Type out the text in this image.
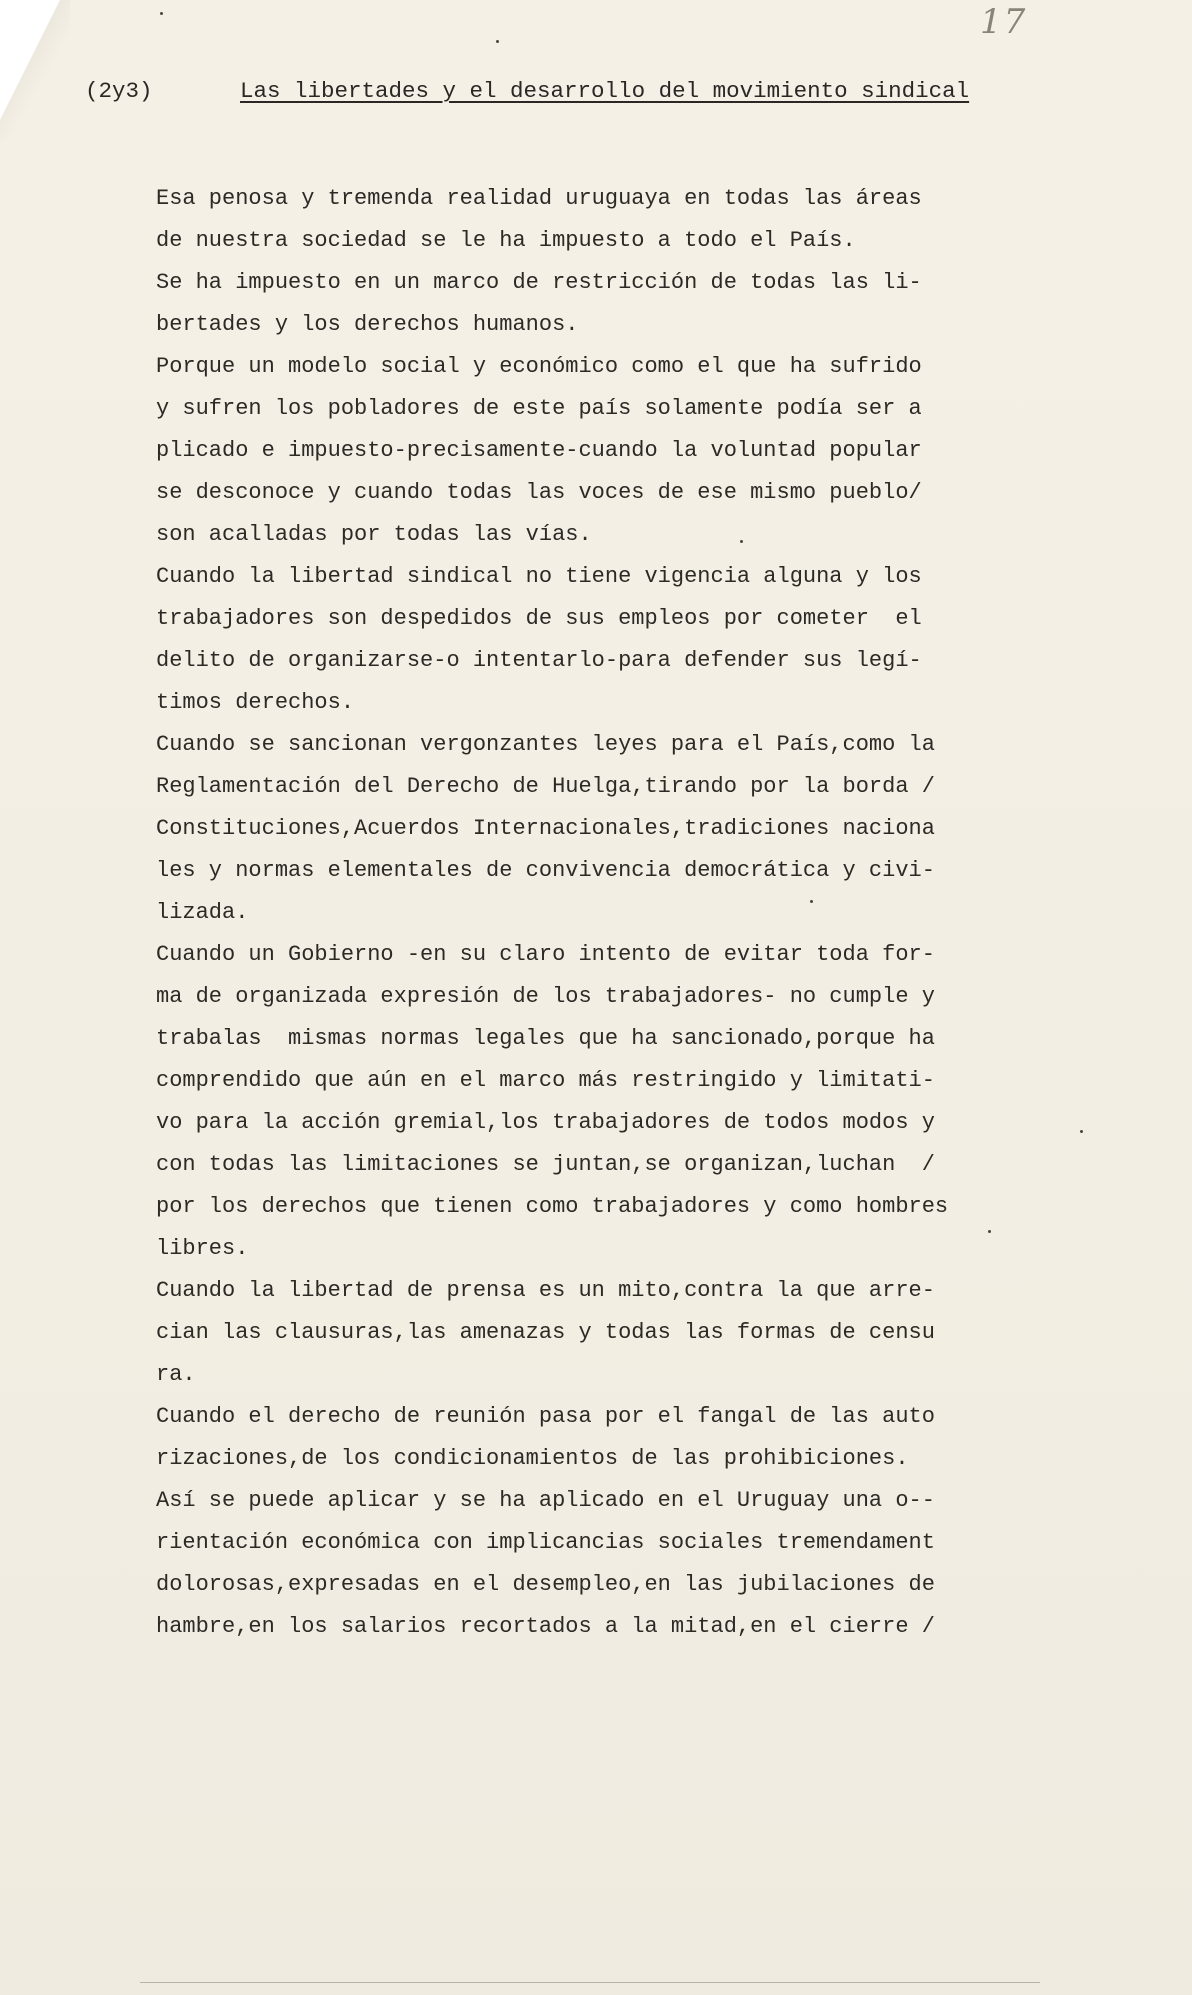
17
(2y3)	Las libertades y el desarrollo del movimiento sindical
Esa penosa y tremenda realidad uruguaya en todas las áreas
de nuestra sociedad se le ha impuesto a todo el País.
Se ha impuesto en un marco de restricción de todas las li-
bertades y los derechos humanos.
Porque un modelo social y económico como el que ha sufrido
y sufren los pobladores de este país solamente podía ser a
plicado e impuesto-precisamente-cuando la voluntad popular
se desconoce y cuando todas las voces de ese mismo pueblo/
son acalladas por todas las vías.
Cuando la libertad sindical no tiene vigencia alguna y los
trabajadores son despedidos de sus empleos por cometer  el
delito de organizarse-o intentarlo-para defender sus legí-
timos derechos.
Cuando se sancionan vergonzantes leyes para el País,como la
Reglamentación del Derecho de Huelga,tirando por la borda /
Constituciones,Acuerdos Internacionales,tradiciones naciona
les y normas elementales de convivencia democrática y civi-
lizada.
Cuando un Gobierno -en su claro intento de evitar toda for-
ma de organizada expresión de los trabajadores- no cumple y
trabalas  mismas normas legales que ha sancionado,porque ha
comprendido que aún en el marco más restringido y limitati-
vo para la acción gremial,los trabajadores de todos modos y
con todas las limitaciones se juntan,se organizan,luchan  /
por los derechos que tienen como trabajadores y como hombres
libres.
Cuando la libertad de prensa es un mito,contra la que arre-
cian las clausuras,las amenazas y todas las formas de censu
ra.
Cuando el derecho de reunión pasa por el fangal de las auto
rizaciones,de los condicionamientos de las prohibiciones.
Así se puede aplicar y se ha aplicado en el Uruguay una o--
rientación económica con implicancias sociales tremendament
dolorosas,expresadas en el desempleo,en las jubilaciones de
hambre,en los salarios recortados a la mitad,en el cierre /
